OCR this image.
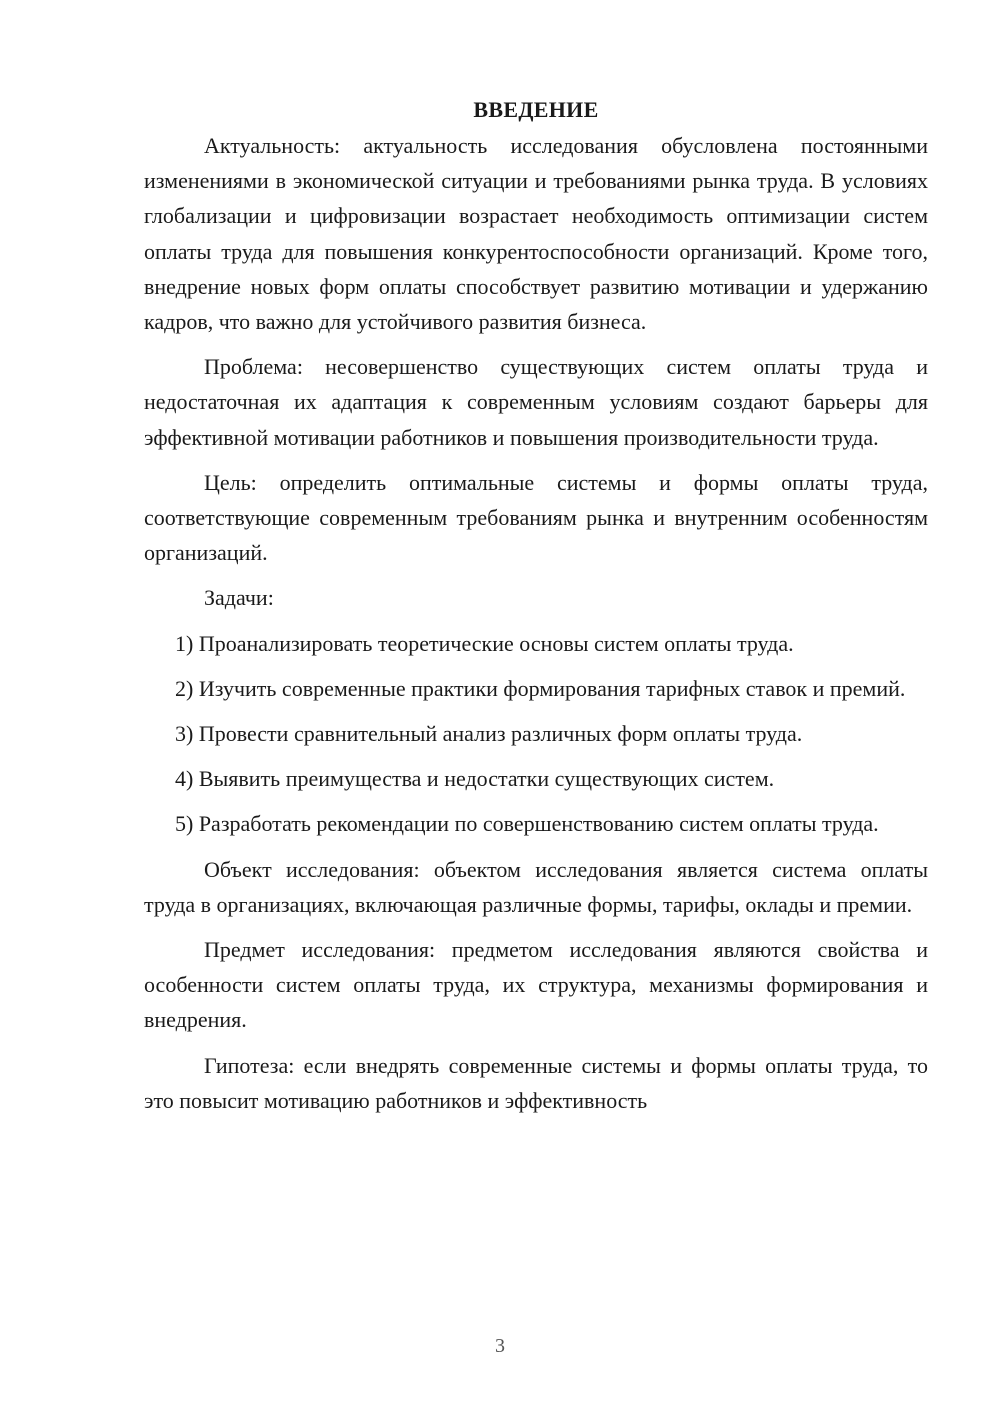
ВВЕДЕНИЕ

Актуальность: актуальность исследования обусловлена постоянными изменениями в экономической ситуации и требованиями рынка труда. В условиях глобализации и цифровизации возрастает необходимость оптимизации систем оплаты труда для повышения конкурентоспособности организаций. Кроме того, внедрение новых форм оплаты способствует развитию мотивации и удержанию кадров, что важно для устойчивого развития бизнеса.

Проблема: несовершенство существующих систем оплаты труда и недостаточная их адаптация к современным условиям создают барьеры для эффективной мотивации работников и повышения производительности труда.

Цель: определить оптимальные системы и формы оплаты труда, соответствующие современным требованиям рынка и внутренним особенностям организаций.

Задачи:

1) Проанализировать теоретические основы систем оплаты труда.

2) Изучить современные практики формирования тарифных ставок и премий.

3) Провести сравнительный анализ различных форм оплаты труда.

4) Выявить преимущества и недостатки существующих систем.

5) Разработать рекомендации по совершенствованию систем оплаты труда.

Объект исследования: объектом исследования является система оплаты труда в организациях, включающая различные формы, тарифы, оклады и премии.

Предмет исследования: предметом исследования являются свойства и особенности систем оплаты труда, их структура, механизмы формирования и внедрения.

Гипотеза: если внедрять современные системы и формы оплаты труда, то это повысит мотивацию работников и эффективность

3
